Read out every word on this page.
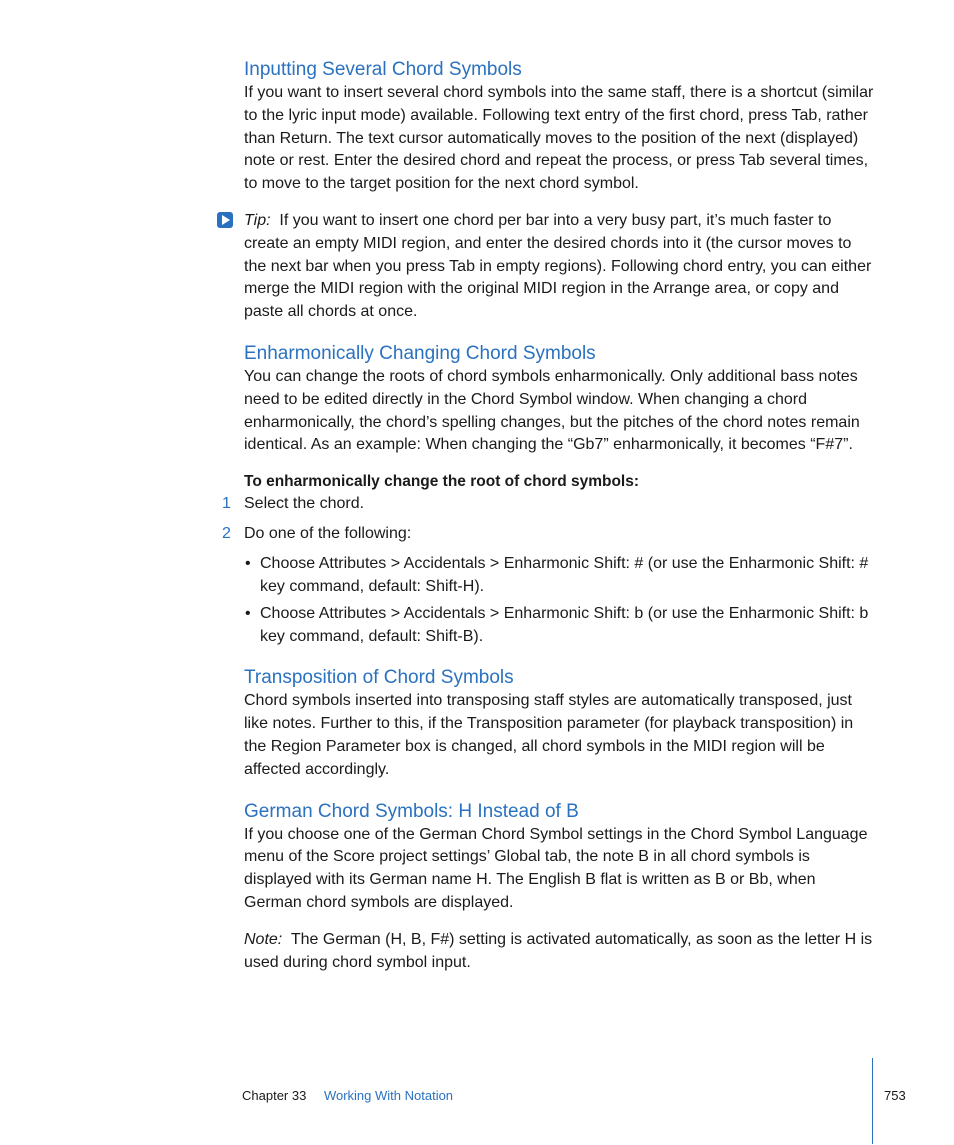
Inputting Several Chord Symbols

If you want to insert several chord symbols into the same staff, there is a shortcut (similar to the lyric input mode) available. Following text entry of the first chord, press Tab, rather than Return. The text cursor automatically moves to the position of the next (displayed) note or rest. Enter the desired chord and repeat the process, or press Tab several times, to move to the target position for the next chord symbol.

Tip: If you want to insert one chord per bar into a very busy part, it’s much faster to create an empty MIDI region, and enter the desired chords into it (the cursor moves to the next bar when you press Tab in empty regions). Following chord entry, you can either merge the MIDI region with the original MIDI region in the Arrange area, or copy and paste all chords at once.

Enharmonically Changing Chord Symbols

You can change the roots of chord symbols enharmonically. Only additional bass notes need to be edited directly in the Chord Symbol window. When changing a chord enharmonically, the chord’s spelling changes, but the pitches of the chord notes remain identical. As an example: When changing the “Gb7” enharmonically, it becomes “F#7”.

To enharmonically change the root of chord symbols:
1 Select the chord.
2 Do one of the following:
• Choose Attributes > Accidentals > Enharmonic Shift: # (or use the Enharmonic Shift: # key command, default: Shift-H).
• Choose Attributes > Accidentals > Enharmonic Shift: b (or use the Enharmonic Shift: b key command, default: Shift-B).
Transposition of Chord Symbols

Chord symbols inserted into transposing staff styles are automatically transposed, just like notes. Further to this, if the Transposition parameter (for playback transposition) in the Region Parameter box is changed, all chord symbols in the MIDI region will be affected accordingly.

German Chord Symbols: H Instead of B

If you choose one of the German Chord Symbol settings in the Chord Symbol Language menu of the Score project settings’ Global tab, the note B in all chord symbols is displayed with its German name H. The English B flat is written as B or Bb, when German chord symbols are displayed.

Note: The German (H, B, F#) setting is activated automatically, as soon as the letter H is used during chord symbol input.

Chapter 33 Working With Notation	753
